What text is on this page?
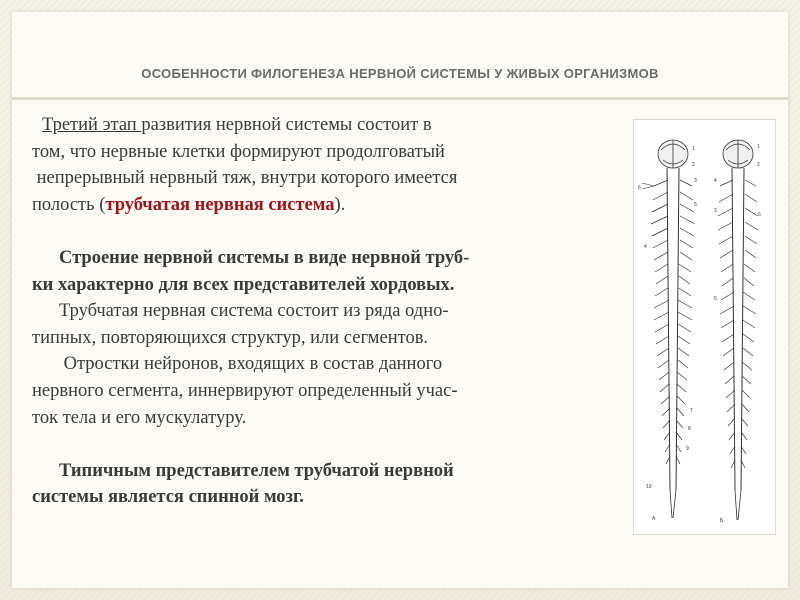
ОСОБЕННОСТИ ФИЛОГЕНЕЗА НЕРВНОЙ СИСТЕМЫ У ЖИВЫХ ОРГАНИЗМОВ

Третий этап развития нервной системы состоит в

том, что нервные клетки формируют продолговатый

непрерывный нервный тяж, внутри которого имеется

полость (трубчатая нервная система).

Строение нервной системы в виде нервной труб-

ки характерно для всех представителей хордовых.

Трубчатая нервная система состоит из ряда одно-

типных, повторяющихся структур, или сегментов.

Отростки нейронов, входящих в состав данного

нервного сегмента, иннервируют определенный учас-

ток тела и его мускулатуру.

Типичным представителем трубчатой нервной

системы является спинной мозг.

1
2
3
4
5
6
7
8
9
10
1
2
3
4
5
6
А	Б
